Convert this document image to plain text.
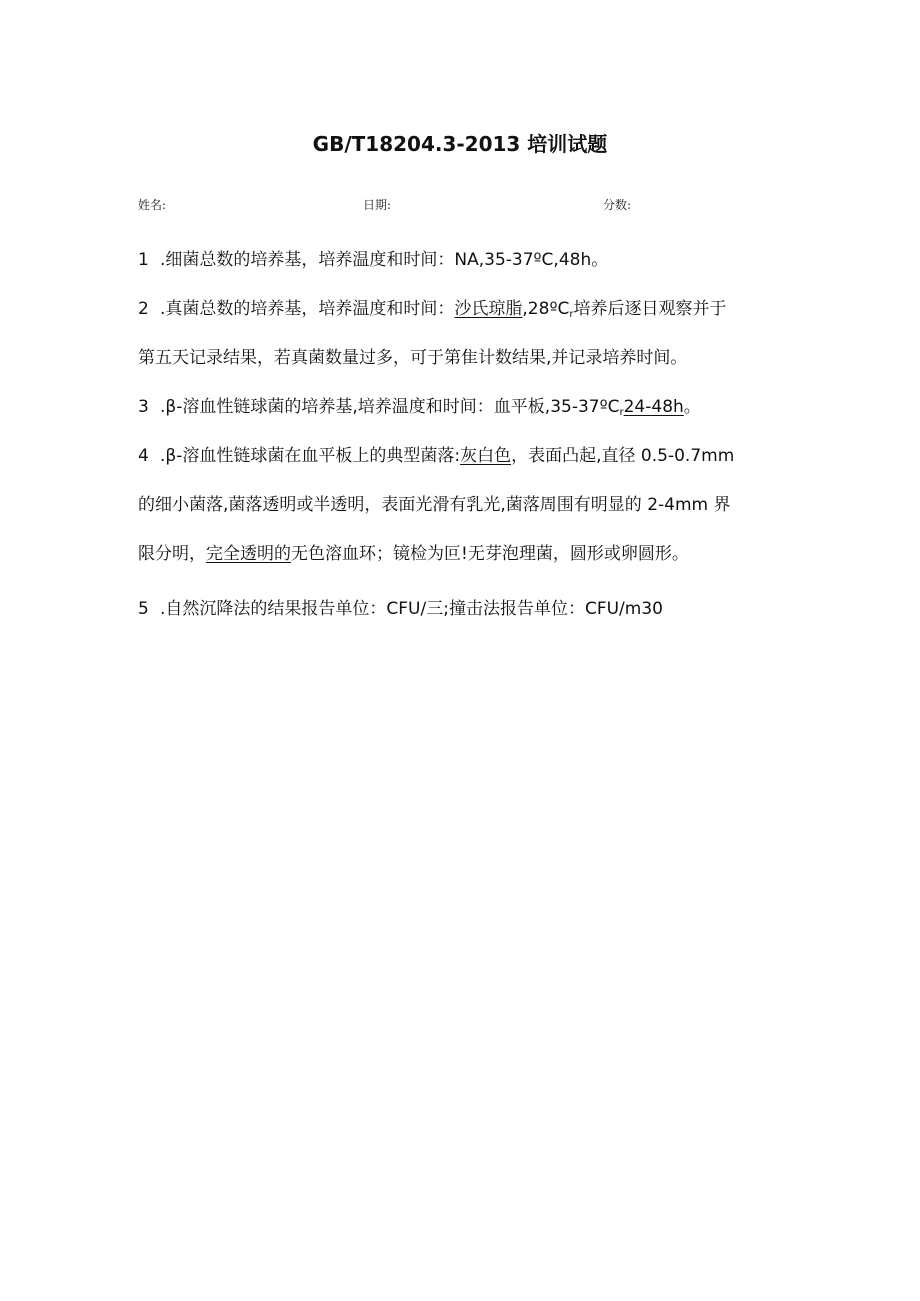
GB/T18204.3-2013 培训试题
姓名:	日期:	分数:
1 .细菌总数的培养基，培养温度和时间：NA,35-37ºC,48h。
2 .真菌总数的培养基，培养温度和时间：沙氏琼脂,28ºC$_r$培养后逐日观察并于
第五天记录结果，若真菌数量过多，可于第隹计数结果,并记录培养时间。
3 .β-溶血性链球菌的培养基,培养温度和时间：血平板,35-37ºC$_r$24-48h。
4 .β-溶血性链球菌在血平板上的典型菌落:灰白色，表面凸起,直径 0.5-0.7mm
的细小菌落,菌落透明或半透明，表面光滑有乳光,菌落周围有明显的 2-4mm 界
限分明，完全透明的无色溶血环；镜检为叵!无芽泡理菌，圆形或卵圆形。
5 .自然沉降法的结果报告单位：CFU∕三;撞击法报告单位：CFU∕m30
